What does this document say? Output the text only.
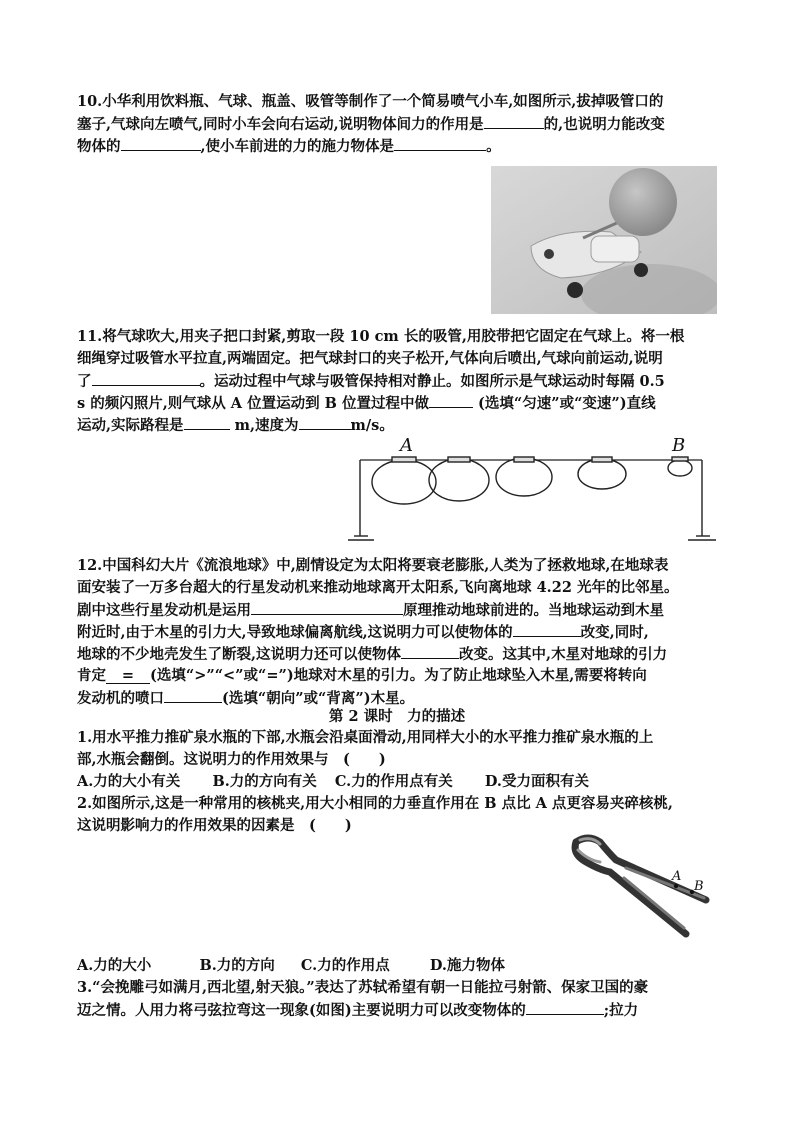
10.小华利用饮料瓶、气球、瓶盖、吸管等制作了一个简易喷气小车,如图所示,拔掉吸管口的
塞子,气球向左喷气,同时小车会向右运动,说明物体间力的作用是	的,也说明力能改变
物体的	,使小车前进的力的施力物体是	。
11.将气球吹大,用夹子把口封紧,剪取一段 10 cm 长的吸管,用胶带把它固定在气球上。将一根
细绳穿过吸管水平拉直,两端固定。把气球封口的夹子松开,气体向后喷出,气球向前运动,说明
了	。运动过程中气球与吸管保持相对静止。如图所示是气球运动时每隔 0.5
s 的频闪照片,则气球从 A 位置运动到 B 位置过程中做	(选填“匀速”或“变速”)直线
运动,实际路程是	m,速度为	m/s。
A	B
12.中国科幻大片《流浪地球》中,剧情设定为太阳将要衰老膨胀,人类为了拯救地球,在地球表
面安装了一万多台超大的行星发动机来推动地球离开太阳系,飞向离地球 4.22 光年的比邻星。
剧中这些行星发动机是运用	原理推动地球前进的。当地球运动到木星
附近时,由于木星的引力大,导致地球偏离航线,这说明力可以使物体的	改变,同时,
地球的不少地壳发生了断裂,这说明力还可以使物体	改变。这其中,木星对地球的引力
肯定 = (选填“>”“<”或“=”)地球对木星的引力。为了防止地球坠入木星,需要将转向
发动机的喷口	(选填“朝向”或“背离”)木星。
第 2 课时　力的描述
1.用水平推力推矿泉水瓶的下部,水瓶会沿桌面滑动,用同样大小的水平推力推矿泉水瓶的上
部,水瓶会翻倒。这说明力的作用效果与　(　　)
A.力的大小有关 B.力的方向有关 C.力的作用点有关 D.受力面积有关
2.如图所示,这是一种常用的核桃夹,用大小相同的力垂直作用在 B 点比 A 点更容易夹碎核桃,
这说明影响力的作用效果的因素是　(　　)
A
B
A.力的大小	B.力的方向 C.力的作用点	D.施力物体
3.“会挽雕弓如满月,西北望,射天狼。”表达了苏轼希望有朝一日能拉弓射箭、保家卫国的豪
迈之情。人用力将弓弦拉弯这一现象(如图)主要说明力可以改变物体的	;拉力
